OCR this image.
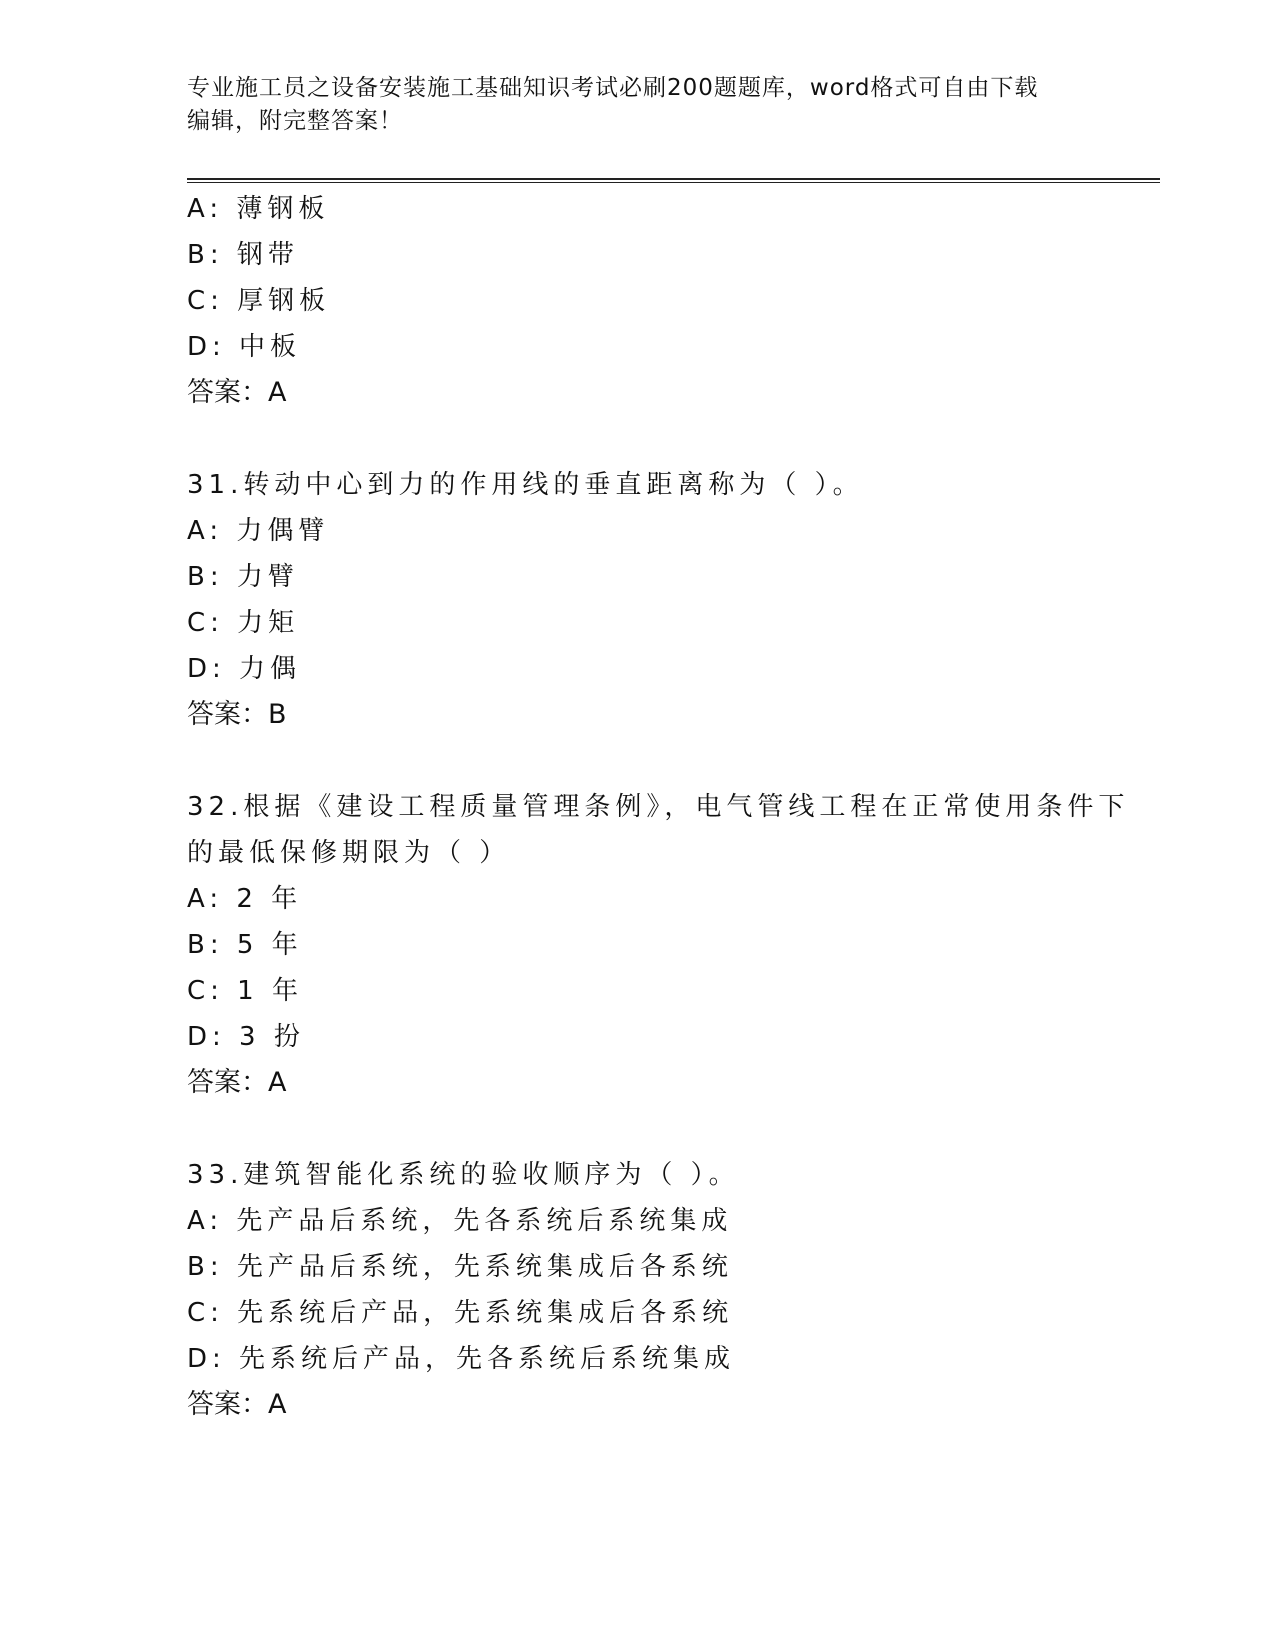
专业施工员之设备安装施工基础知识考试必刷200题题库，word格式可自由下载
编辑，附完整答案！
A: 薄钢板
B: 钢带
C: 厚钢板
D: 中板
答案：A
31.转动中心到力的作用线的垂直距离称为（ ）。
A: 力偶臂
B: 力臂
C: 力矩
D: 力偶
答案：B
32.根据《建设工程质量管理条例》，电气管线工程在正常使用条件下
的最低保修期限为（ ）
A: 2 年
B: 5 年
C: 1 年
D: 3 扮
答案：A
33.建筑智能化系统的验收顺序为（ ）。
A: 先产品后系统，先各系统后系统集成
B: 先产品后系统，先系统集成后各系统
C: 先系统后产品，先系统集成后各系统
D: 先系统后产品，先各系统后系统集成
答案：A
